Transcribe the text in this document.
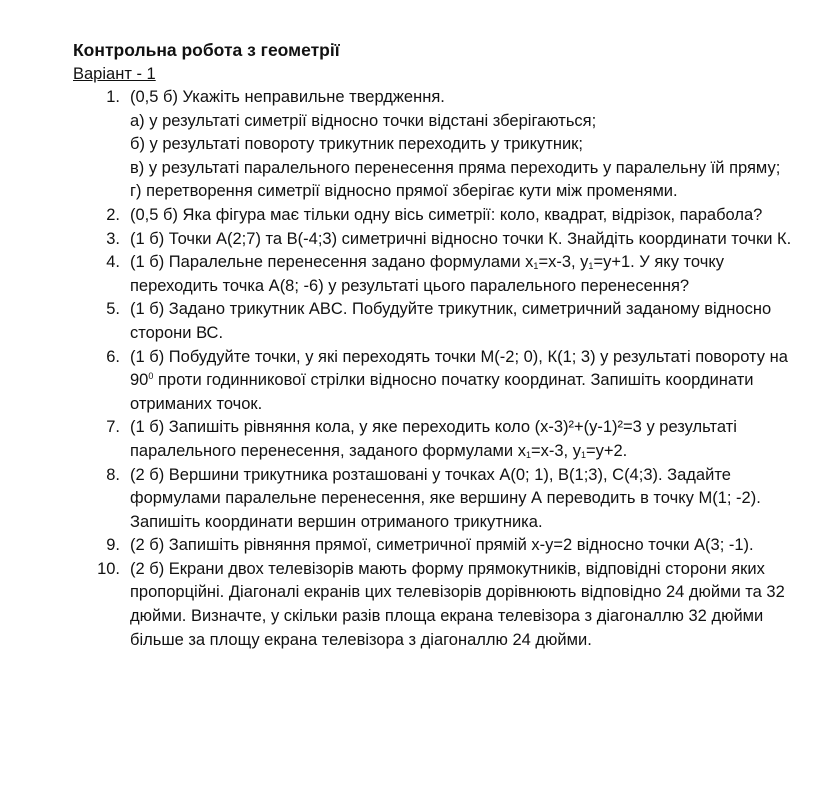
Контрольна робота з геометрії
Варіант - 1
1. (0,5 б) Укажіть неправильне твердження.
а) у результаті симетрії відносно точки відстані зберігаються;
б) у результаті повороту трикутник переходить у трикутник;
в) у результаті паралельного перенесення пряма переходить у паралельну їй пряму;
г) перетворення симетрії відносно прямої зберігає кути між променями.
2. (0,5 б) Яка фігура має тільки одну вісь симетрії: коло, квадрат, відрізок, парабола?
3. (1 б) Точки А(2;7) та В(-4;3) симетричні відносно точки К. Знайдіть координати точки К.
4. (1 б) Паралельне перенесення задано формулами $x_1=x-3$, $y_1=y+1$. У яку точку переходить точка А(8; -6) у результаті цього паралельного перенесення?
5. (1 б) Задано трикутник ABC. Побудуйте трикутник, симетричний заданому відносно сторони ВС.
6. (1 б) Побудуйте точки, у які переходять точки М(-2; 0), К(1; 3) у результаті повороту на $90^0$ проти годинникової стрілки відносно початку координат. Запишіть координати отриманих точок.
7. (1 б) Запишіть рівняння кола, у яке переходить коло (x-3)²+(y-1)²=3 у результаті паралельного перенесення, заданого формулами $x_1=x-3$, $y_1=y+2$.
8. (2 б) Вершини трикутника розташовані у точках А(0; 1), В(1;3), С(4;3). Задайте формулами паралельне перенесення, яке вершину А переводить в точку М(1; -2). Запишіть координати вершин отриманого трикутника.
9. (2 б) Запишіть рівняння прямої, симетричної прямій x-y=2 відносно точки А(3; -1).
10. (2 б) Екрани двох телевізорів мають форму прямокутників, відповідні сторони яких пропорційні. Діагоналі екранів цих телевізорів дорівнюють відповідно 24 дюйми та 32 дюйми. Визначте, у скільки разів площа екрана телевізора з діагоналлю 32 дюйми більше за площу екрана телевізора з діагоналлю 24 дюйми.
